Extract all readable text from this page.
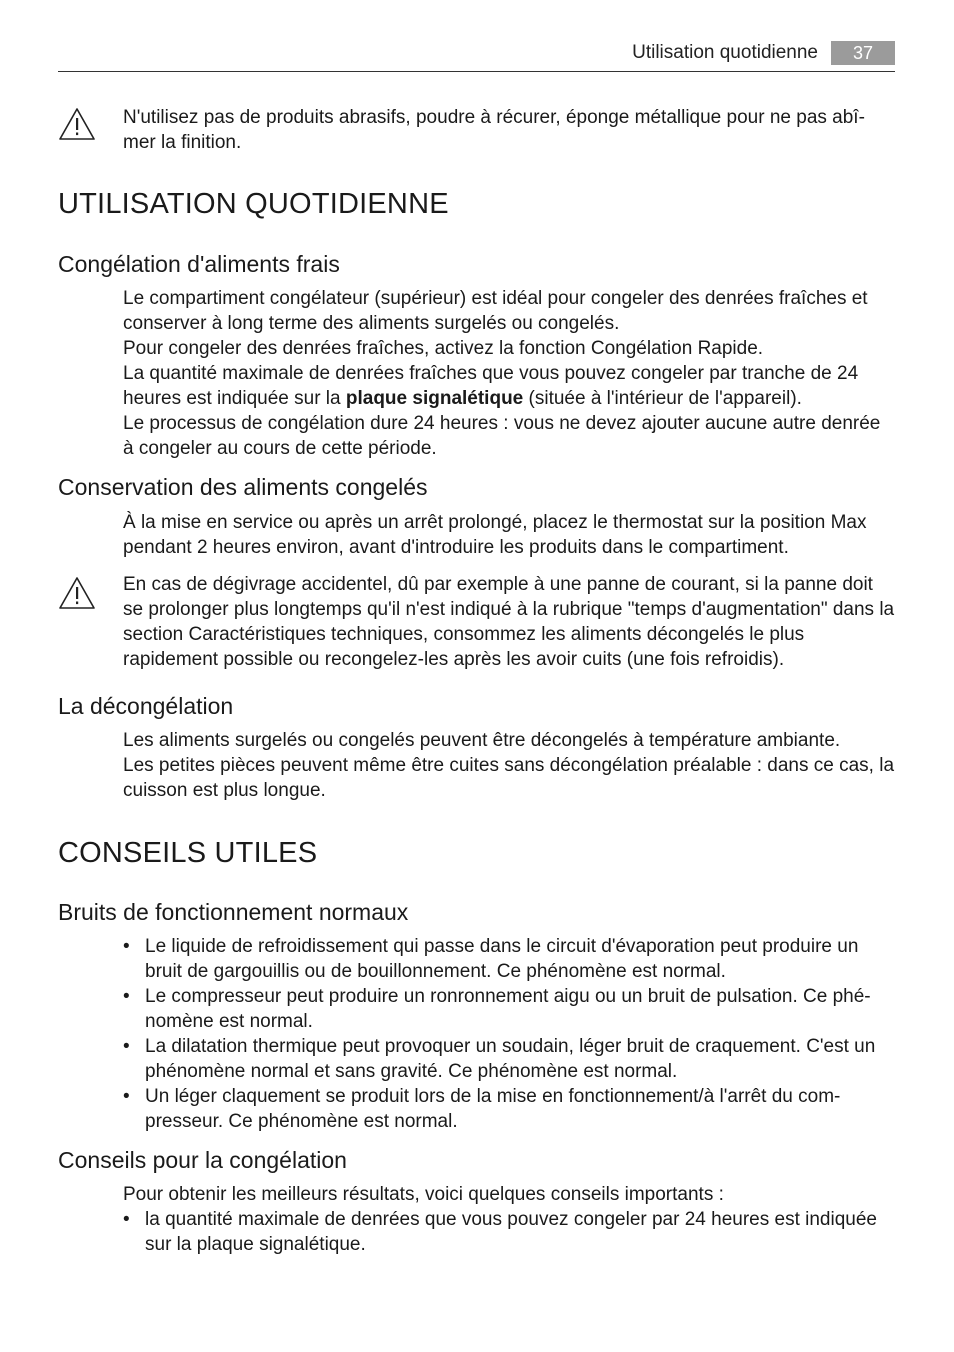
Utilisation quotidienne	37

N'utilisez pas de produits abrasifs, poudre à récurer, éponge métallique pour ne pas abî- mer la finition.

UTILISATION QUOTIDIENNE
Congélation d'aliments frais

Le compartiment congélateur (supérieur) est idéal pour congeler des denrées fraîches et conserver à long terme des aliments surgelés ou congelés.

Pour congeler des denrées fraîches, activez la fonction Congélation Rapide.

La quantité maximale de denrées fraîches que vous pouvez congeler par tranche de 24 heures est indiquée sur la plaque signalétique (située à l'intérieur de l'appareil).

Le processus de congélation dure 24 heures : vous ne devez ajouter aucune autre denrée à congeler au cours de cette période.

Conservation des aliments congelés

À la mise en service ou après un arrêt prolongé, placez le thermostat sur la position Max pendant 2 heures environ, avant d'introduire les produits dans le compartiment.

En cas de dégivrage accidentel, dû par exemple à une panne de courant, si la panne doit se prolonger plus longtemps qu'il n'est indiqué à la rubrique "temps d'augmentation" dans la section Caractéristiques techniques, consommez les aliments décongelés le plus rapidement possible ou recongelez-les après les avoir cuits (une fois refroidis).

La décongélation

Les aliments surgelés ou congelés peuvent être décongelés à température ambiante.

Les petites pièces peuvent même être cuites sans décongélation préalable : dans ce cas, la cuisson est plus longue.

CONSEILS UTILES
Bruits de fonctionnement normaux
• Le liquide de refroidissement qui passe dans le circuit d'évaporation peut produire un bruit de gargouillis ou de bouillonnement. Ce phénomène est normal.
• Le compresseur peut produire un ronronnement aigu ou un bruit de pulsation. Ce phé- nomène est normal.
• La dilatation thermique peut provoquer un soudain, léger bruit de craquement. C'est un phénomène normal et sans gravité. Ce phénomène est normal.
• Un léger claquement se produit lors de la mise en fonctionnement/à l'arrêt du com- presseur. Ce phénomène est normal.
Conseils pour la congélation

Pour obtenir les meilleurs résultats, voici quelques conseils importants :

• la quantité maximale de denrées que vous pouvez congeler par 24 heures est indiquée sur la plaque signalétique.
